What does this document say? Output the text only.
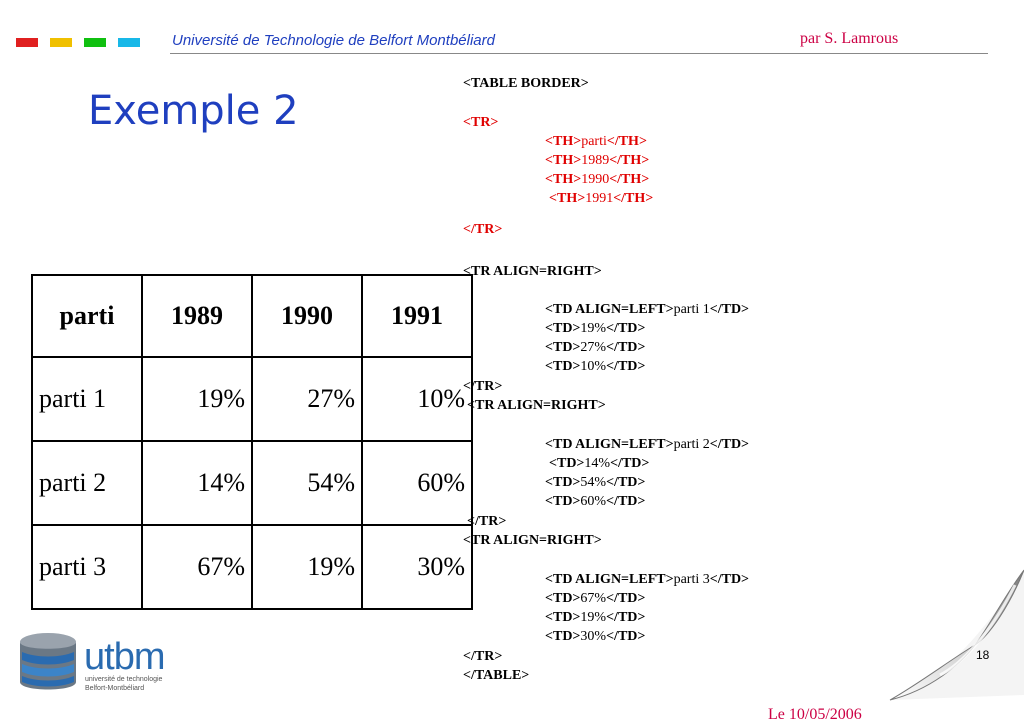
Université de Technologie de Belfort Montbéliard	par S. Lamrous
Exemple 2
parti	1989	1990	1991
parti 1	19%	27%	10%
parti 2	14%	54%	60%
parti 3	67%	19%	30%
<TABLE BORDER>
<TR>
<TH>parti</TH>
<TH>1989</TH>
<TH>1990</TH>
<TH>1991</TH>
</TR>
<TR ALIGN=RIGHT>
<TD ALIGN=LEFT>parti 1</TD>
<TD>19%</TD>
<TD>27%</TD>
<TD>10%</TD>
</TR>
<TR ALIGN=RIGHT>
<TD ALIGN=LEFT>parti 2</TD>
<TD>14%</TD>
<TD>54%</TD>
<TD>60%</TD>
</TR>
<TR ALIGN=RIGHT>
<TD ALIGN=LEFT>parti 3</TD>
<TD>67%</TD>
<TD>19%</TD>
<TD>30%</TD>
</TR>
</TABLE>
18
utbm
université de technologie
Belfort-Montbéliard
Le 10/05/2006
